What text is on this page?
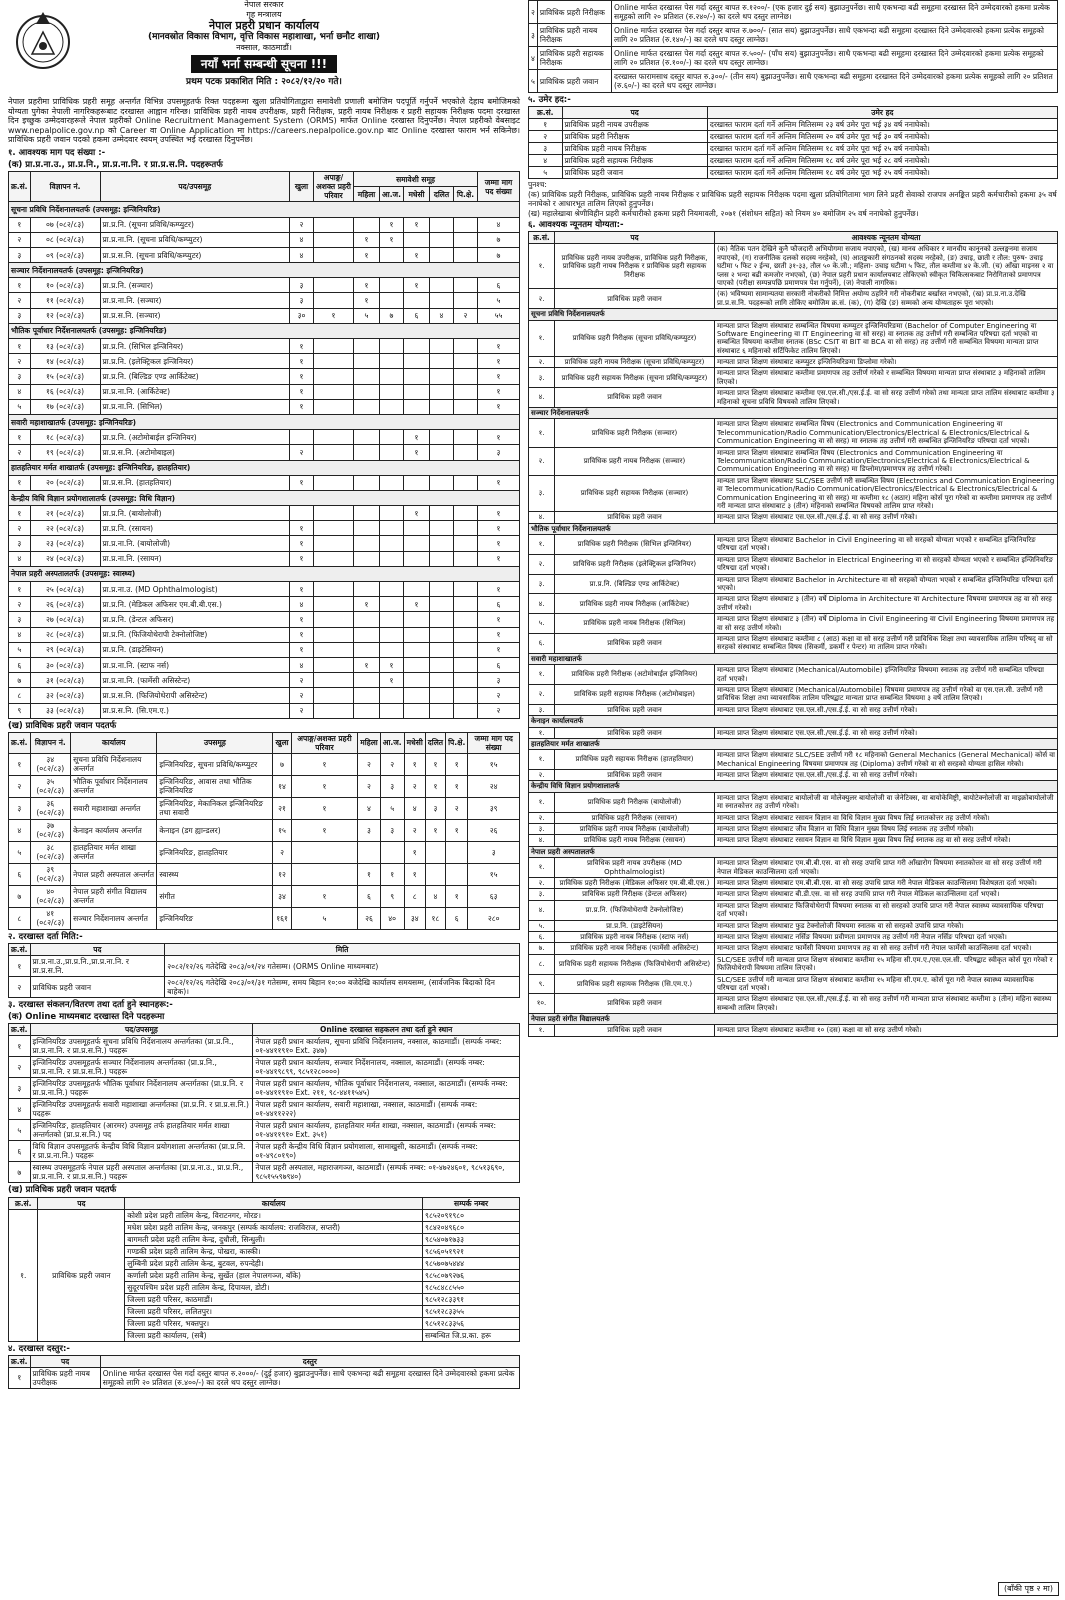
नेपाल सरकार
गृह मन्त्रालय
नेपाल प्रहरी प्रधान कार्यालय
(मानवस्रोत विकास विभाग, वृत्ति विकास महाशाखा, भर्ना छनौट शाखा)
नक्साल, काठमाडौं।
नयाँ भर्ना सम्बन्धी सूचना !!!
प्रथम पटक प्रकाशित मिति : २०८२/१२/२० गते।
नेपाल प्रहरीमा प्राविधिक प्रहरी समूह अन्तर्गत विभिन्न उपसमूहतर्फ रिक्त पदहरूमा खुला प्रतियोगिताद्वारा समावेशी प्रणाली बमोजिम पदपूर्ति गर्नुपर्ने भएकोले देहाय बमोजिमको योग्यता पुगेका नेपाली नागरिकहरूबाट दरखास्त आह्वान गरिन्छ। प्राविधिक प्रहरी नायब उपरीक्षक, प्रहरी निरीक्षक, प्रहरी नायब निरीक्षक र प्रहरी सहायक निरीक्षक पदमा दरखास्त दिन इच्छुक उम्मेदवारहरूले नेपाल प्रहरीको Online Recruitment Management System (ORMS) मार्फत Online दरखास्त दिनुपर्नेछ। नेपाल प्रहरीको वेबसाइट www.nepalpolice.gov.np को Career वा Online Application मा https://careers.nepalpolice.gov.np बाट Online दरखास्त फाराम भर्न सकिनेछ। प्राविधिक प्रहरी जवान पदको हकमा उम्मेदवार स्वयम् उपस्थित भई दरखास्त दिनुपर्नेछ।
१. आवश्यक माग पद संख्या :-
(क) प्रा.प्र.ना.उ., प्रा.प्र.नि., प्रा.प्र.ना.नि. र प्रा.प्र.स.नि. पदहरूतर्फ
क्र.सं.	विज्ञापन नं.	पद/उपसमूह	खुला	अपाङ्ग/अशक्त प्रहरी परिवार	समावेशी समूह					जम्मा माग पद संख्या
					महिला	आ.ज.	मधेसी	दलित	पि.क्षे.	
सूचना प्रविधि निर्देशनालयतर्फ (उपसमूह: इन्जिनियरिङ)										
१	०७ (०८२/८३)	प्रा.प्र.नि. (सूचना प्रविधि/कम्प्युटर)	२			१	१			४
२	०८ (०८२/८३)	प्रा.प्र.ना.नि. (सूचना प्रविधि/कम्प्युटर)	४		१	१				७
३	०९ (०८२/८३)	प्रा.प्र.स.नि. (सूचना प्रविधि/कम्प्युटर)	४		१		१			७
सञ्चार निर्देशनालयतर्फ (उपसमूह: इन्जिनियरिङ)										
१	१० (०८२/८३)	प्रा.प्र.नि. (सञ्चार)	३		१		१			६
२	११ (०८२/८३)	प्रा.प्र.ना.नि. (सञ्चार)	३		१					५
३	१२ (०८२/८३)	प्रा.प्र.स.नि. (सञ्चार)	३०	१	५	७	६	४	२	५५
भौतिक पूर्वाधार निर्देशनालयतर्फ (उपसमूह: इन्जिनियरिङ)										
१	१३ (०८२/८३)	प्रा.प्र.नि. (सिभिल इन्जिनियर)	१							१
२	१४ (०८२/८३)	प्रा.प्र.नि. (इलेक्ट्रिकल इन्जिनियर)	१							१
३	१५ (०८२/८३)	प्रा.प्र.नि. (बिल्डिङ एण्ड आर्किटेक्ट)	१							१
४	१६ (०८२/८३)	प्रा.प्र.ना.नि. (आर्किटेक्ट)	१							१
५	१७ (०८२/८३)	प्रा.प्र.ना.नि. (सिभिल)	१							१
सवारी महाशाखातर्फ (उपसमूह: इन्जिनियरिङ)										
१	१८ (०८२/८३)	प्रा.प्र.नि. (अटोमोबाईल इन्जिनियर)					१			१
२	१९ (०८२/८३)	प्रा.प्र.स.नि. (अटोमोबाइल)	२				१			३
हातहतियार मर्मत शाखातर्फ (उपसमूह: इन्जिनियरिङ, हातहतियार)										
१	२० (०८२/८३)	प्रा.प्र.स.नि. (हातहतियार)	१							१
केन्द्रीय विधि विज्ञान प्रयोगशालातर्फ (उपसमूह: विधि विज्ञान)										
१	२१ (०८२/८३)	प्रा.प्र.नि. (बायोलोजी)					१			१
२	२२ (०८२/८३)	प्रा.प्र.नि. (रसायन)	१							१
३	२३ (०८२/८३)	प्रा.प्र.ना.नि. (बायोलोजी)	१							१
४	२४ (०८२/८३)	प्रा.प्र.ना.नि. (रसायन)	१							१
नेपाल प्रहरी अस्पतालतर्फ (उपसमूह: स्वास्थ्य)										
१	२५ (०८२/८३)	प्रा.प्र.ना.उ. (MD Ophthalmologist)	१							१
२	२६ (०८२/८३)	प्रा.प्र.नि. (मेडिकल अफिसर एम.बी.बी.एस.)	४		१		१			६
३	२७ (०८२/८३)	प्रा.प्र.नि. (डेन्टल अफिसर)	१							१
४	२८ (०८२/८३)	प्रा.प्र.नि. (फिजियोथेरापी टेक्नोलोजिष्ट)	१							१
५	२९ (०८२/८३)	प्रा.प्र.नि. (डाइटेसियन)	१							१
६	३० (०८२/८३)	प्रा.प्र.ना.नि. (स्टाफ नर्स)	४		१	१				६
७	३१ (०८२/८३)	प्रा.प्र.ना.नि. (फार्मेसी असिस्टेन्ट)	२			१				३
८	३२ (०८२/८३)	प्रा.प्र.स.नि. (फिजियोथेरापी असिस्टेन्ट)	२							२
९	३३ (०८२/८३)	प्रा.प्र.स.नि. (सि.एम.ए.)	२							२
(ख) प्राविधिक प्रहरी जवान पदतर्फ
क्र.सं.	विज्ञापन नं.	कार्यालय	उपसमूह	खुला	अपाङ्ग/अशक्त प्रहरी परिवार	महिला	आ.ज.	मधेसी	दलित	पि.क्षे.	जम्मा माग पद संख्या
१	३४ (०८२/८३)	सूचना प्रविधि निर्देशनालय अन्तर्गत	इन्जिनियरिङ, सूचना प्रविधि/कम्प्युटर	७	१	२	२	१	१	१	१५
२	३५ (०८२/८३)	भौतिक पूर्वाधार निर्देशनालय अन्तर्गत	इन्जिनियरिङ, आवास तथा भौतिक इन्जिनियरिङ	१४	१	२	३	२	१	१	२४
३	३६ (०८२/८३)	सवारी महाशाखा अन्तर्गत	इन्जिनियरिङ, मेकानिकल इन्जिनियरिङ तथा सवारी	२१	१	४	५	४	३	२	३९
४	३७ (०८२/८३)	केनाइन कार्यालय अन्तर्गत	केनाइन (डग ह्यान्डलर)	१५	१	३	३	२	१	१	२६
५	३८ (०८२/८३)	हातहतियार मर्मत शाखा अन्तर्गत	इन्जिनियरिङ, हातहतियार	२				१			३
६	३९ (०८२/८३)	नेपाल प्रहरी अस्पताल अन्तर्गत	स्वास्थ्य	१२		१	१	१			१५
७	४० (०८२/८३)	नेपाल प्रहरी संगीत विद्यालय अन्तर्गत	संगीत	३४	१	६	९	८	४	१	६३
८	४१ (०८२/८३)	सञ्चार निर्देशनालय अन्तर्गत	इन्जिनियरिङ	१६१	५	२६	४०	३४	१८	६	२८०
२. दरखास्त दर्ता मिति:-
क्र.सं.	पद	मिति
१	प्रा.प्र.ना.उ.,प्रा.प्र.नि.,प्रा.प्र.ना.नि. र प्रा.प्र.स.नि.	२०८२/१२/२६ गतेदेखि २०८३/०१/२४ गतेसम्म। (ORMS Online माध्यमबाट)
२	प्राविधिक प्रहरी जवान	२०८२/१२/२६ गतेदेखि २०८३/०१/३१ गतेसम्म, समय बिहान १०:०० बजेदेखि कार्यालय समयसम्म, (सार्वजनिक बिदाको दिन बाहेक)।
३. दरखास्त संकलन/वितरण तथा दर्ता हुने स्थानहरू:-
(क) Online माध्यमबाट दरखास्त दिने पदहरूमा
क्र.सं.	पद/उपसमूह	Online दरखास्त सहकलन तथा दर्ता हुने स्थान
१	इन्जिनियरिङ उपसमूहतर्फ सूचना प्रविधि निर्देशनालय अन्तर्गतका (प्रा.प्र.नि., प्रा.प्र.ना.नि. र प्रा.प्र.स.नि.) पदहरू	नेपाल प्रहरी प्रधान कार्यालय, सूचना प्रविधि निर्देशनालय, नक्साल, काठमाडौं। (सम्पर्क नम्बर: ०१-४४११९१० Ext. ३४७)
२	इन्जिनियरिङ उपसमूहतर्फ सञ्चार निर्देशनालय अन्तर्गतका (प्रा.प्र.नि., प्रा.प्र.ना.नि. र प्रा.प्र.स.नि.) पदहरू	नेपाल प्रहरी प्रधान कार्यालय, सञ्चार निर्देशनालय, नक्साल, काठमाडौं। (सम्पर्क नम्बर: ०१-४४१९८९९, ९८५१२८००००)
३	इन्जिनियरिङ उपसमूहतर्फ भौतिक पूर्वाधार निर्देशनालय अन्तर्गतका (प्रा.प्र.नि. र प्रा.प्र.ना.नि.) पदहरू	नेपाल प्रहरी प्रधान कार्यालय, भौतिक पूर्वाधार निर्देशनालय, नक्साल, काठमाडौं। (सम्पर्क नम्बर: ०१-४४११९१० Ext. २११, ९८-४४११५४५)
४	इन्जिनियरिङ उपसमूहतर्फ सवारी महाशाखा अन्तर्गतका (प्रा.प्र.नि. र प्रा.प्र.स.नि.) पदहरू	नेपाल प्रहरी प्रधान कार्यालय, सवारी महाशाखा, नक्साल, काठमाडौं। (सम्पर्क नम्बर: ०१-४४११२२२)
५	इन्जिनियरिङ, हातहतियार (आरमर) उपसमूह तर्फ हातहतियार मर्मत शाखा अन्तर्गतको (प्रा.प्र.स.नि.) पद	नेपाल प्रहरी प्रधान कार्यालय, हातहतियार मर्मत शाखा, नक्साल, काठमाडौं। (सम्पर्क नम्बर: ०१-४४११९१० Ext. ३५१)
६	विधि विज्ञान उपसमूहतर्फ केन्द्रीय विधि विज्ञान प्रयोगशाला अन्तर्गतका (प्रा.प्र.नि. र प्रा.प्र.ना.नि.) पदहरू	नेपाल प्रहरी केन्द्रीय विधि विज्ञान प्रयोगशाला, सामाखुसी, काठमाडौं। (सम्पर्क नम्बर: ०१-४९८०१९०)
७	स्वास्थ्य उपसमूहतर्फ नेपाल प्रहरी अस्पताल अन्तर्गतका (प्रा.प्र.ना.उ., प्रा.प्र.नि., प्रा.प्र.ना.नि. र प्रा.प्र.स.नि.) पदहरू	नेपाल प्रहरी अस्पताल, महाराजगञ्ज, काठमाडौं। (सम्पर्क नम्बर: ०१-४७२४६०१, ९८५१३६९०, ९८५१५५९७९४०)
(ख) प्राविधिक प्रहरी जवान पदतर्फ
क्र.सं.	पद	कार्यालय	सम्पर्क नम्बर
१.	प्राविधिक प्रहरी जवान	कोशी प्रदेश प्रहरी तालिम केन्द्र, विराटनगर, मोरङ।	९८५२०९१९८०
		मधेश प्रदेश प्रहरी तालिम केन्द्र, जनकपुर (सम्पर्क कार्यालय: राजविराज, सप्तरी)	९८४२०४९६८०
		बागमती प्रदेश प्रहरी तालिम केन्द्र, दुधौली, सिन्धुली।	९८५४०७१७३३
		गण्डकी प्रदेश प्रहरी तालिम केन्द्र, पोखरा, कास्की।	९८५६०५१९२१
		लुम्बिनी प्रदेश प्रहरी तालिम केन्द्र, बुटवल, रुपन्देही।	९८५७०७५४४४
		कर्णाली प्रदेश प्रहरी तालिम केन्द्र, सुर्खेत (हाल नेपालगञ्ज, बाँके)	९८५८०७९२७६
		सुदूरपश्चिम प्रदेश प्रहरी तालिम केन्द्र, दिपायल, डोटी।	९८५८४८८५५०
		जिल्ला प्रहरी परिसर, काठमाडौं।	९८५१२८३३९१
		जिल्ला प्रहरी परिसर, ललितपुर।	९८५१२८३३५५
		जिल्ला प्रहरी परिसर, भक्तपुर।	९८५१२८३३५६
		जिल्ला प्रहरी कार्यालय, (सबै)	सम्बन्धित जि.प्र.का. हरू
४. दरखास्त दस्तुर:-
क्र.सं.	पद	दस्तुर
१	प्राविधिक प्रहरी नायब उपरीक्षक	Online मार्फत दरखास्त पेस गर्दा दस्तुर बापत रु.२०००/- (दुई हजार) बुझाउनुपर्नेछ। साथै एकभन्दा बढी समूहमा दरखास्त दिने उम्मेदवारको हकमा प्रत्येक समूहको लागि २० प्रतिशत (रु.४००/-) का दरले थप दस्तुर लाग्नेछ।
२	प्राविधिक प्रहरी निरीक्षक	Online मार्फत दरखास्त पेस गर्दा दस्तुर बापत रु.१२००/- (एक हजार दुई सय) बुझाउनुपर्नेछ। साथै एकभन्दा बढी समूहमा दरखास्त दिने उम्मेदवारको हकमा प्रत्येक समूहको लागि २० प्रतिशत (रु.२४०/-) का दरले थप दस्तुर लाग्नेछ।
३	प्राविधिक प्रहरी नायब निरीक्षक	Online मार्फत दरखास्त पेस गर्दा दस्तुर बापत रु.७००/- (सात सय) बुझाउनुपर्नेछ। साथै एकभन्दा बढी समूहमा दरखास्त दिने उम्मेदवारको हकमा प्रत्येक समूहको लागि २० प्रतिशत (रु.१४०/-) का दरले थप दस्तुर लाग्नेछ।
४	प्राविधिक प्रहरी सहायक निरीक्षक	Online मार्फत दरखास्त पेस गर्दा दस्तुर बापत रु.५००/- (पाँच सय) बुझाउनुपर्नेछ। साथै एकभन्दा बढी समूहमा दरखास्त दिने उम्मेदवारको हकमा प्रत्येक समूहको लागि २० प्रतिशत (रु.१००/-) का दरले थप दस्तुर लाग्नेछ।
५	प्राविधिक प्रहरी जवान	दरखास्त फारामसाथ दस्तुर बापत रु.३००/- (तीन सय) बुझाउनुपर्नेछ। साथै एकभन्दा बढी समूहमा दरखास्त दिने उम्मेदवारको हकमा प्रत्येक समूहको लागि २० प्रतिशत (रु.६०/-) का दरले थप दस्तुर लाग्नेछ।
५. उमेर हद:-
क्र.सं.	पद	उमेर हद
१	प्राविधिक प्रहरी नायब उपरीक्षक	दरखास्त फाराम दर्ता गर्ने अन्तिम मितिसम्म २३ वर्ष उमेर पूरा भई ३४ वर्ष ननाघेको।
२	प्राविधिक प्रहरी निरीक्षक	दरखास्त फाराम दर्ता गर्ने अन्तिम मितिसम्म २० वर्ष उमेर पूरा भई ३० वर्ष ननाघेको।
३	प्राविधिक प्रहरी नायब निरीक्षक	दरखास्त फाराम दर्ता गर्ने अन्तिम मितिसम्म १८ वर्ष उमेर पूरा भई २५ वर्ष ननाघेको।
४	प्राविधिक प्रहरी सहायक निरीक्षक	दरखास्त फाराम दर्ता गर्ने अन्तिम मितिसम्म १८ वर्ष उमेर पूरा भई २८ वर्ष ननाघेको।
५	प्राविधिक प्रहरी जवान	दरखास्त फाराम दर्ता गर्ने अन्तिम मितिसम्म १८ वर्ष उमेर पूरा भई २५ वर्ष ननाघेको।
पुनश्च:
(क) प्राविधिक प्रहरी निरीक्षक, प्राविधिक प्रहरी नायब निरीक्षक र प्राविधिक प्रहरी सहायक निरीक्षक पदमा खुला प्रतियोगितामा भाग लिने प्रहरी सेवाको राजपत्र अनङ्कित प्रहरी कर्मचारीको हकमा ३५ वर्ष ननाघेको र आधारभूत तालिम लिएको हुनुपर्नेछ।
(ख) महालेखाबा श्रेणीविहीन प्रहरी कर्मचारीको हकमा प्रहरी नियमावली, २०७१ (संशोधन सहित) को नियम ४० बमोजिम २५ वर्ष ननाघेको हुनुपर्नेछ।
६. आवश्यक न्यूनतम योग्यता:-
क्र.सं.	पद	आवश्यक न्यूनतम योग्यता
१.	प्राविधिक प्रहरी नायब उपरीक्षक, प्राविधिक प्रहरी निरीक्षक, प्राविधिक प्रहरी नायब निरीक्षक र प्राविधिक प्रहरी सहायक निरीक्षक	(क) नैतिक पतन देखिने कुनै फौजदारी अभियोगमा सजाय नपाएको, (ख) मानव अधिकार र मानवीय कानूनको उल्लङ्घनमा सजाय नपाएको, (ग) राजनीतिक दलको सदस्य नरहेको, (घ) आतङ्ककारी संगठनको सदस्य नरहेको, (ङ) उचाइ, छाती र तौल: पुरुष- उचाइ घटीमा ५ फिट २ ईन्च, छाती ३१-३३, तौल ५० के.जी.; महिला- उचाइ घटीमा ५ फिट, तौल कम्तीमा ४२ के.जी. (च) आँखा माइनस २ वा प्लस २ भन्दा बढी कमजोर नभएको, (छ) नेपाल प्रहरी प्रधान कार्यालयबाट तोकिएको स्वीकृत चिकित्सकबाट निरोगिताको प्रमाणपत्र पाएको (परीक्षा सम्पन्नपछि प्रमाणपत्र पेश गर्नुपर्ने), (ज) नेपाली नागरिक।
२.	प्राविधिक प्रहरी जवान	(क) भविष्यमा सामान्यतया सरकारी नोकरीको निमित्त अयोग्य ठहरिने गरी नोकरीबाट बर्खास्त नभएको, (ख) प्रा.प्र.ना.उ.देखि प्रा.प्र.स.नि. पदहरूको लागि तोकिए बमोजिम क्र.सं. (क), (ग) देखि (ङ) सम्मको अन्य योग्यताहरू पूरा भएको।
सूचना प्रविधि निर्देशनालयतर्फ		
१.	प्राविधिक प्रहरी निरीक्षक (सूचना प्रविधि/कम्प्युटर)	मान्यता प्राप्त शिक्षण संस्थाबाट सम्बन्धित विषयमा कम्प्युटर इन्जिनियरिङमा (Bachelor of Computer Engineering वा Software Engineering वा IT Engineering वा सो सरह) वा स्नातक तह उत्तीर्ण गरी सम्बन्धित परिषद्मा दर्ता भएको वा सम्बन्धित विषयमा कम्तीमा स्नातक (BSc CSIT वा BIT वा BCA वा सो सरह) तह उत्तीर्ण गरी सम्बन्धित विषयमा मान्यता प्राप्त संस्थाबाट ६ महिनाको सर्टिफिकेट तालिम लिएको।
२.	प्राविधिक प्रहरी नायब निरीक्षक (सूचना प्रविधि/कम्प्युटर)	मान्यता प्राप्त शिक्षण संस्थाबाट कम्प्युटर इन्जिनियरिङमा डिप्लोमा गरेको।
३.	प्राविधिक प्रहरी सहायक निरीक्षक (सूचना प्रविधि/कम्प्युटर)	मान्यता प्राप्त शिक्षण संस्थाबाट कम्तीमा प्रमाणपत्र तह उत्तीर्ण गरेको र सम्बन्धित विषयमा मान्यता प्राप्त संस्थाबाट ३ महिनाको तालिम लिएको।
४.	प्राविधिक प्रहरी जवान	मान्यता प्राप्त शिक्षण संस्थाबाट कम्तीमा एस.एल.सी./एस.ई.ई. वा सो सरह उत्तीर्ण गरेको तथा मान्यता प्राप्त तालिम संस्थाबाट कम्तीमा ३ महिनाको सूचना प्रविधि विषयको तालिम लिएको।
सञ्चार निर्देशनालयतर्फ		
१.	प्राविधिक प्रहरी निरीक्षक (सञ्चार)	मान्यता प्राप्त शिक्षण संस्थाबाट सम्बन्धित विषय (Electronics and Communication Engineering वा Telecommunication/Radio Communication/Electronics/Electrical & Electronics/Electrical & Communication Engineering वा सो सरह) मा स्नातक तह उत्तीर्ण गरी सम्बन्धित इन्जिनियरिङ परिषद्मा दर्ता भएको।
२.	प्राविधिक प्रहरी नायब निरीक्षक (सञ्चार)	मान्यता प्राप्त शिक्षण संस्थाबाट सम्बन्धित विषय (Electronics and Communication Engineering वा Telecommunication/Radio Communication/Electronics/Electrical & Electronics/Electrical & Communication Engineering वा सो सरह) मा डिप्लोमा/प्रमाणपत्र तह उत्तीर्ण गरेको।
३.	प्राविधिक प्रहरी सहायक निरीक्षक (सञ्चार)	मान्यता प्राप्त शिक्षण संस्थाबाट SLC/SEE उत्तीर्ण गरी सम्बन्धित विषय (Electronics and Communication Engineering वा Telecommunication/Radio Communication/Electronics/Electrical & Electronics/Electrical & Communication Engineering वा सो सरह) मा कम्तीमा १८ (अठार) महिना कोर्स पूरा गरेको वा कम्तीमा प्रमाणपत्र तह उत्तीर्ण गरी मान्यता प्राप्त संस्थाबाट ३ (तीन) महिनाको सम्बन्धित विषयको तालिम प्राप्त गरेको।
४.	प्राविधिक प्रहरी जवान	मान्यता प्राप्त शिक्षण संस्थाबाट एस.एल.सी./एस.ई.ई. वा सो सरह उत्तीर्ण गरेको।
भौतिक पूर्वाधार निर्देशनालयतर्फ		
१.	प्राविधिक प्रहरी निरीक्षक (सिभिल इन्जिनियर)	मान्यता प्राप्त शिक्षण संस्थाबाट Bachelor in Civil Engineering वा सो सरहको योग्यता भएको र सम्बन्धित इन्जिनियरिङ परिषद्मा दर्ता भएको।
२.	प्राविधिक प्रहरी निरीक्षक (इलेक्ट्रिकल इन्जिनियर)	मान्यता प्राप्त शिक्षण संस्थाबाट Bachelor in Electrical Engineering वा सो सरहको योग्यता भएको र सम्बन्धित इन्जिनियरिङ परिषद्मा दर्ता भएको।
३.	प्रा.प्र.नि. (बिल्डिङ एण्ड आर्किटेक्ट)	मान्यता प्राप्त शिक्षण संस्थाबाट Bachelor in Architecture वा सो सरहको योग्यता भएको र सम्बन्धित इन्जिनियरिङ परिषद्मा दर्ता भएको।
४.	प्राविधिक प्रहरी नायब निरीक्षक (आर्किटेक्ट)	मान्यता प्राप्त शिक्षण संस्थाबाट ३ (तीन) वर्षे Diploma in Architecture वा Architecture विषयमा प्रमाणपत्र तह वा सो सरह उत्तीर्ण गरेको।
५.	प्राविधिक प्रहरी नायब निरीक्षक (सिभिल)	मान्यता प्राप्त शिक्षण संस्थाबाट ३ (तीन) वर्षे Diploma in Civil Engineering वा Civil Engineering विषयमा प्रमाणपत्र तह वा सो सरह उत्तीर्ण गरेको।
६.	प्राविधिक प्रहरी जवान	मान्यता प्राप्त शिक्षण संस्थाबाट कम्तीमा ८ (आठ) कक्षा वा सो सरह उत्तीर्ण गरी प्राविधिक शिक्षा तथा व्यावसायिक तालिम परिषद् वा सो सरहको संस्थाबाट सम्बन्धित विषय (सिकर्मी, डकर्मी र पेन्टर) मा तालिम प्राप्त गरेको।
सवारी महाशाखातर्फ		
१.	प्राविधिक प्रहरी निरीक्षक (अटोमोबाईल इन्जिनियर)	मान्यता प्राप्त शिक्षण संस्थाबाट (Mechanical/Automobile) इन्जिनियरिङ विषयमा स्नातक तह उत्तीर्ण गरी सम्बन्धित परिषद्मा दर्ता भएको।
२.	प्राविधिक प्रहरी सहायक निरीक्षक (अटोमोबाइल)	मान्यता प्राप्त शिक्षण संस्थाबाट (Mechanical/Automobile) विषयमा प्रमाणपत्र तह उत्तीर्ण गरेको वा एस.एल.सी. उत्तीर्ण गरी प्राविधिक शिक्षा तथा व्यावसायिक तालिम परिषद्बाट मान्यता प्राप्त सम्बन्धित विषयमा ३ वर्षे तालिम लिएको।
३.	प्राविधिक प्रहरी जवान	मान्यता प्राप्त शिक्षण संस्थाबाट एस.एल.सी./एस.ई.ई. वा सो सरह उत्तीर्ण गरेको।
केनाइन कार्यालयतर्फ		
१.	प्राविधिक प्रहरी जवान	मान्यता प्राप्त शिक्षण संस्थाबाट एस.एल.सी./एस.ई.ई. वा सो सरह उत्तीर्ण गरेको।
हातहतियार मर्मत शाखातर्फ		
१.	प्राविधिक प्रहरी सहायक निरीक्षक (हातहतियार)	मान्यता प्राप्त शिक्षण संस्थाबाट SLC/SEE उत्तीर्ण गरी १८ महिनाको General Mechanics (General Mechanical) कोर्स वा Mechanical Engineering विषयमा प्रमाणपत्र तह (Diploma) उत्तीर्ण गरेको वा सो सरहको योग्यता हासिल गरेको।
२.	प्राविधिक प्रहरी जवान	मान्यता प्राप्त शिक्षण संस्थाबाट एस.एल.सी./एस.ई.ई. वा सो सरह उत्तीर्ण गरेको।
केन्द्रीय विधि विज्ञान प्रयोगशालातर्फ		
१.	प्राविधिक प्रहरी निरीक्षक (बायोलोजी)	मान्यता प्राप्त शिक्षण संस्थाबाट बायोलोजी वा मोलेक्युलर बायोलोजी वा जेनेटिक्स, वा बायोकेमिष्ट्री, बायोटेक्नोलोजी वा माइक्रोबायोलोजी मा स्नातकोत्तर तह उत्तीर्ण गरेको।
२.	प्राविधिक प्रहरी निरीक्षक (रसायन)	मान्यता प्राप्त शिक्षण संस्थाबाट रसायन विज्ञान वा विधि विज्ञान मुख्य विषय लिई स्नातकोत्तर तह उत्तीर्ण गरेको।
३.	प्राविधिक प्रहरी नायब निरीक्षक (बायोलोजी)	मान्यता प्राप्त शिक्षण संस्थाबाट जीव विज्ञान वा विधि विज्ञान मुख्य विषय लिई स्नातक तह उत्तीर्ण गरेको।
४.	प्राविधिक प्रहरी नायब निरीक्षक (रसायन)	मान्यता प्राप्त शिक्षण संस्थाबाट रसायन विज्ञान वा विधि विज्ञान मुख्य विषय लिई स्नातक तह वा सो सरह उत्तीर्ण गरेको।
नेपाल प्रहरी अस्पतालतर्फ		
१.	प्राविधिक प्रहरी नायब उपरीक्षक (MD Ophthalmologist)	मान्यता प्राप्त शिक्षण संस्थाबाट एम.बी.बी.एस. वा सो सरह उपाधि प्राप्त गरी आँखारोग विषयमा स्नातकोत्तर वा सो सरह उत्तीर्ण गरी नेपाल मेडिकल काउन्सिलमा दर्ता भएको।
२.	प्राविधिक प्रहरी निरीक्षक (मेडिकल अफिसर एम.बी.बी.एस.)	मान्यता प्राप्त शिक्षण संस्थाबाट एम.बी.बी.एस. वा सो सरह उपाधि प्राप्त गरी नेपाल मेडिकल काउन्सिलमा विशेषज्ञता दर्ता भएको।
३.	प्राविधिक प्रहरी निरीक्षक (डेन्टल अफिसर)	मान्यता प्राप्त शिक्षण संस्थाबाट बी.डी.एस. वा सो सरह उपाधि प्राप्त गरी नेपाल मेडिकल काउन्सिलमा दर्ता भएको।
४.	प्रा.प्र.नि. (फिजियोथेरापी टेक्नोलोजिष्ट)	मान्यता प्राप्त शिक्षण संस्थाबाट फिजियोथेरापी विषयमा स्नातक वा सो सरहको उपाधि प्राप्त गरी नेपाल स्वास्थ्य व्यावसायिक परिषद्मा दर्ता भएको।
५.	प्रा.प्र.नि. (डाइटेसियन)	मान्यता प्राप्त शिक्षण संस्थाबाट फुड टेक्नोलोजी विषयमा स्नातक वा सो सरहको उपाधि प्राप्त गरेको।
६.	प्राविधिक प्रहरी नायब निरीक्षक (स्टाफ नर्स)	मान्यता प्राप्त शिक्षण संस्थाबाट नर्सिङ विषयमा प्रवीणता प्रमाणपत्र तह उत्तीर्ण गरी नेपाल नर्सिङ परिषद्मा दर्ता भएको।
७.	प्राविधिक प्रहरी नायब निरीक्षक (फार्मेसी असिस्टेन्ट)	मान्यता प्राप्त शिक्षण संस्थाबाट फार्मेसी विषयमा प्रमाणपत्र तह वा सो सरह उत्तीर्ण गरी नेपाल फार्मेसी काउन्सिलमा दर्ता भएको।
८.	प्राविधिक प्रहरी सहायक निरीक्षक (फिजियोथेरापी असिस्टेन्ट)	SLC/SEE उत्तीर्ण गरी मान्यता प्राप्त शिक्षण संस्थाबाट कम्तीमा १५ महिना सी.एम.ए./एस.एल.सी. परिषद्बाट स्वीकृत कोर्स पूरा गरेको र फिजियोथेरापी विषयमा तालिम लिएको।
९.	प्राविधिक प्रहरी सहायक निरीक्षक (सि.एम.ए.)	SLC/SEE उत्तीर्ण गरी मान्यता प्राप्त शिक्षण संस्थाबाट कम्तीमा १५ महिना सी.एम.ए. कोर्स पूरा गरी नेपाल स्वास्थ्य व्यावसायिक परिषद्मा दर्ता भएको।
१०.	प्राविधिक प्रहरी जवान	मान्यता प्राप्त शिक्षण संस्थाबाट एस.एल.सी./एस.ई.ई. वा सो सरह उत्तीर्ण गरी मान्यता प्राप्त संस्थाबाट कम्तीमा ३ (तीन) महिना स्वास्थ्य सम्बन्धी तालिम लिएको।
नेपाल प्रहरी संगीत विद्यालयतर्फ		
१.	प्राविधिक प्रहरी जवान	मान्यता प्राप्त शिक्षण संस्थाबाट कम्तीमा १० (दस) कक्षा वा सो सरह उत्तीर्ण गरेको।
(बाँकी पृष्ठ २ मा)
